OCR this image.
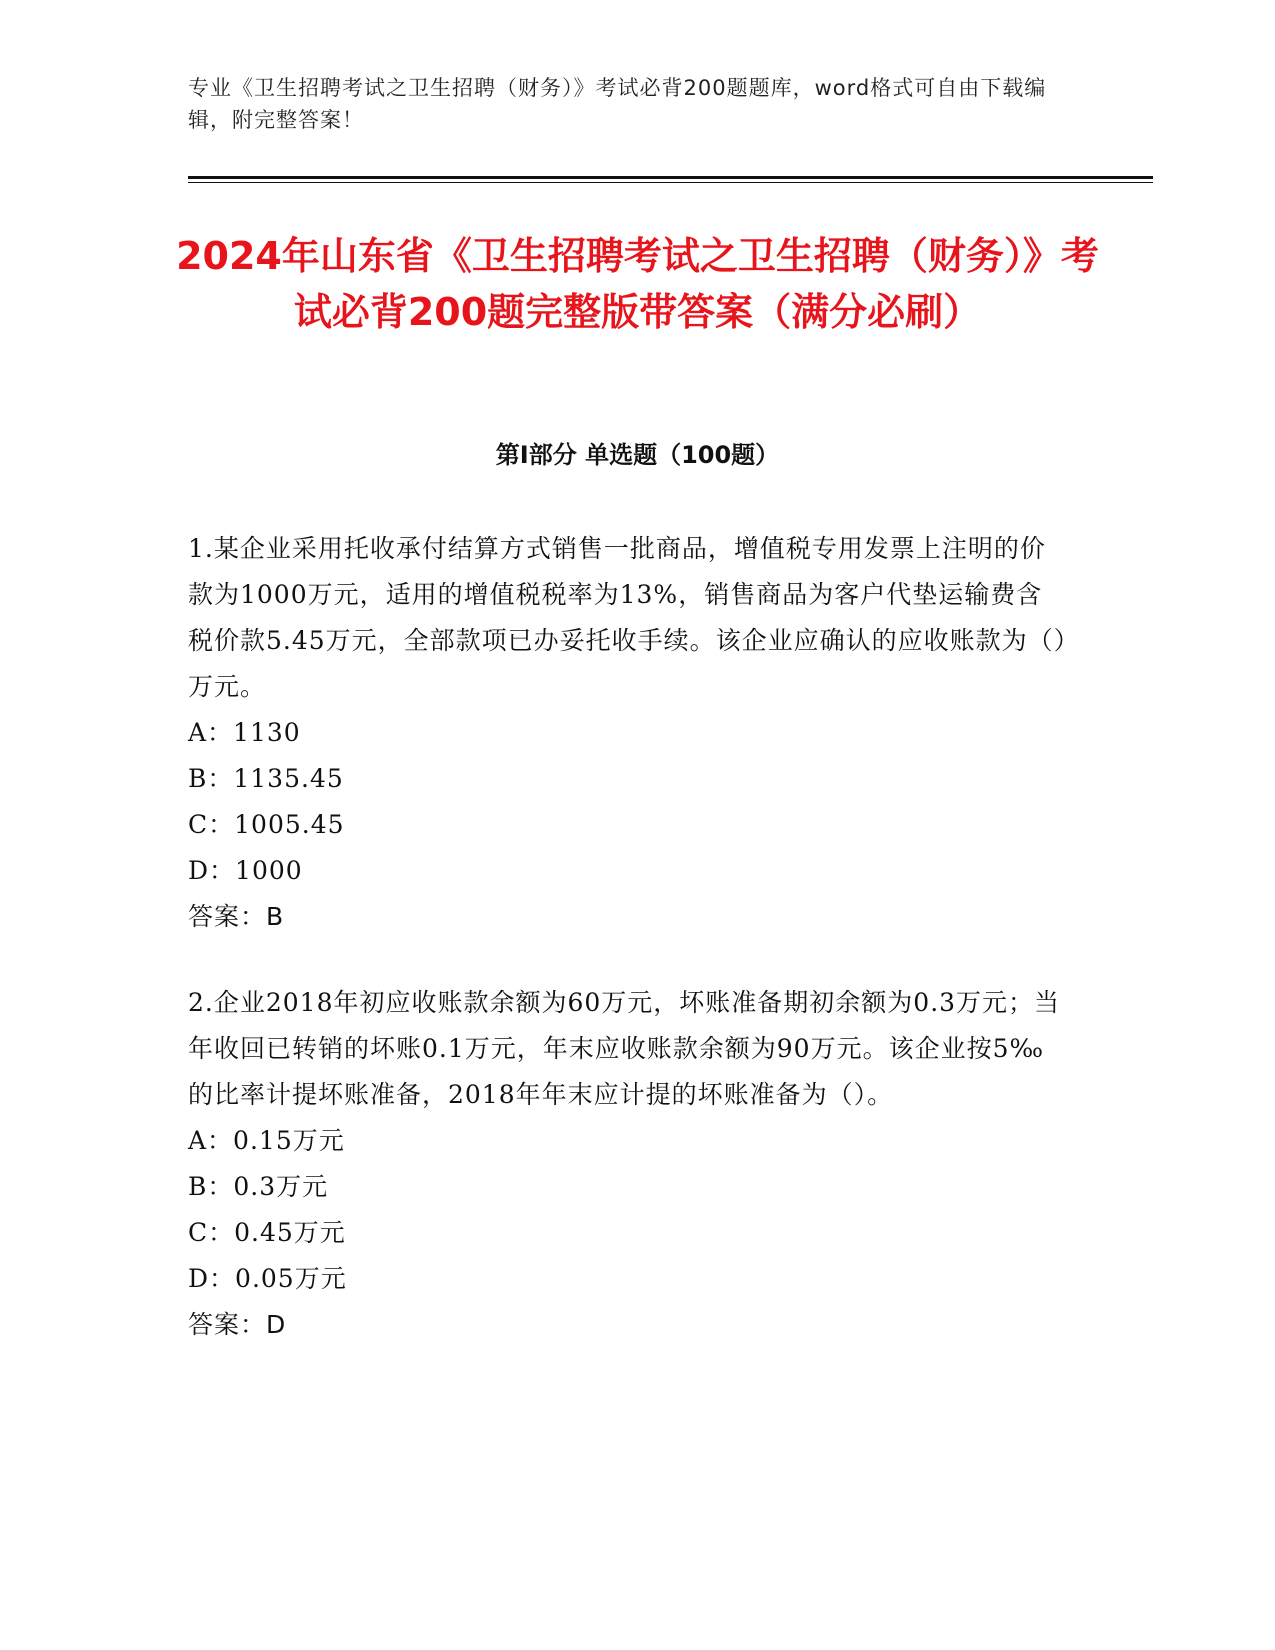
专业《卫生招聘考试之卫生招聘（财务）》考试必背200题题库，word格式可自由下载编辑，附完整答案！
2024年山东省《卫生招聘考试之卫生招聘（财务）》考试必背200题完整版带答案（满分必刷）
第I部分 单选题（100题）
1.某企业采用托收承付结算方式销售一批商品，增值税专用发票上注明的价款为1000万元，适用的增值税税率为13%，销售商品为客户代垫运输费含税价款5.45万元，全部款项已办妥托收手续。该企业应确认的应收账款为（）万元。
A：1130
B：1135.45
C：1005.45
D：1000
答案：B
2.企业2018年初应收账款余额为60万元，坏账准备期初余额为0.3万元；当年收回已转销的坏账0.1万元，年末应收账款余额为90万元。该企业按5‰的比率计提坏账准备，2018年年末应计提的坏账准备为（）。
A：0.15万元
B：0.3万元
C：0.45万元
D：0.05万元
答案：D
